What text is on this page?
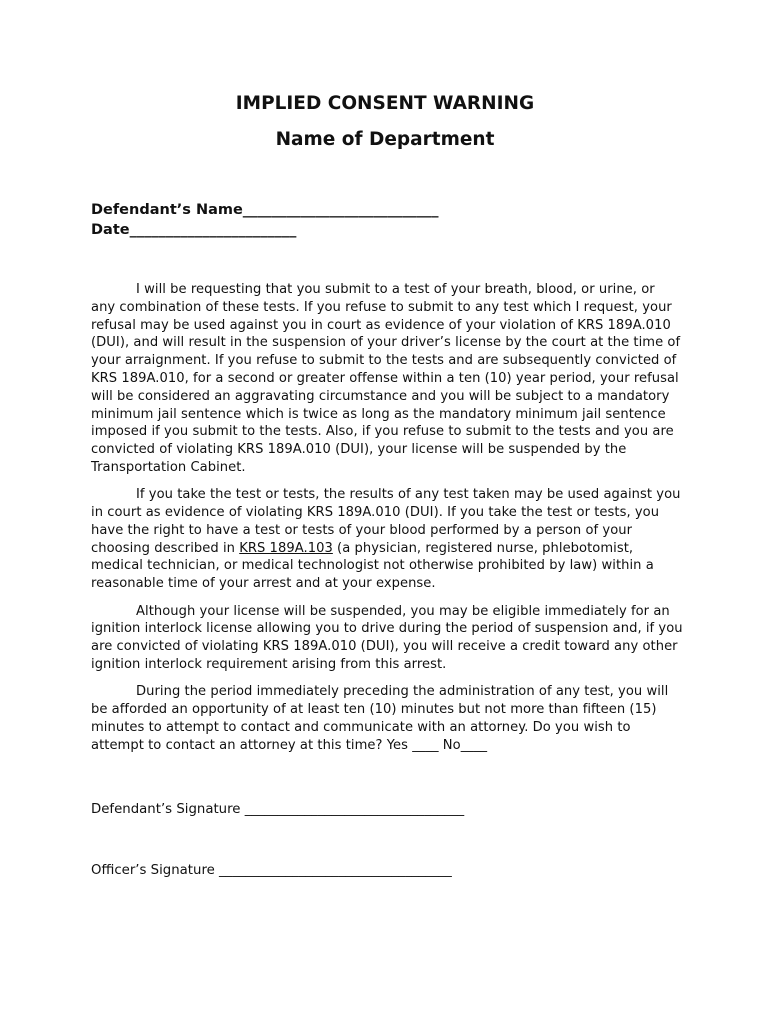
IMPLIED CONSENT WARNING
Name of Department
Defendant’s Name___________________________
Date_______________________

I will be requesting that you submit to a test of your breath, blood, or urine, or any combination of these tests. If you refuse to submit to any test which I request, your refusal may be used against you in court as evidence of your violation of KRS 189A.010 (DUI), and will result in the suspension of your driver’s license by the court at the time of your arraignment. If you refuse to submit to the tests and are subsequently convicted of KRS 189A.010, for a second or greater offense within a ten (10) year period, your refusal will be considered an aggravating circumstance and you will be subject to a mandatory minimum jail sentence which is twice as long as the mandatory minimum jail sentence imposed if you submit to the tests. Also, if you refuse to submit to the tests and you are convicted of violating KRS 189A.010 (DUI), your license will be suspended by the Transportation Cabinet.

If you take the test or tests, the results of any test taken may be used against you in court as evidence of violating KRS 189A.010 (DUI). If you take the test or tests, you have the right to have a test or tests of your blood performed by a person of your choosing described in KRS 189A.103 (a physician, registered nurse, phlebotomist, medical technician, or medical technologist not otherwise prohibited by law) within a reasonable time of your arrest and at your expense.

Although your license will be suspended, you may be eligible immediately for an ignition interlock license allowing you to drive during the period of suspension and, if you are convicted of violating KRS 189A.010 (DUI), you will receive a credit toward any other ignition interlock requirement arising from this arrest.

During the period immediately preceding the administration of any test, you will be afforded an opportunity of at least ten (10) minutes but not more than fifteen (15) minutes to attempt to contact and communicate with an attorney. Do you wish to attempt to contact an attorney at this time? Yes ____ No____

Defendant’s Signature _________________________________
Officer’s Signature ___________________________________
